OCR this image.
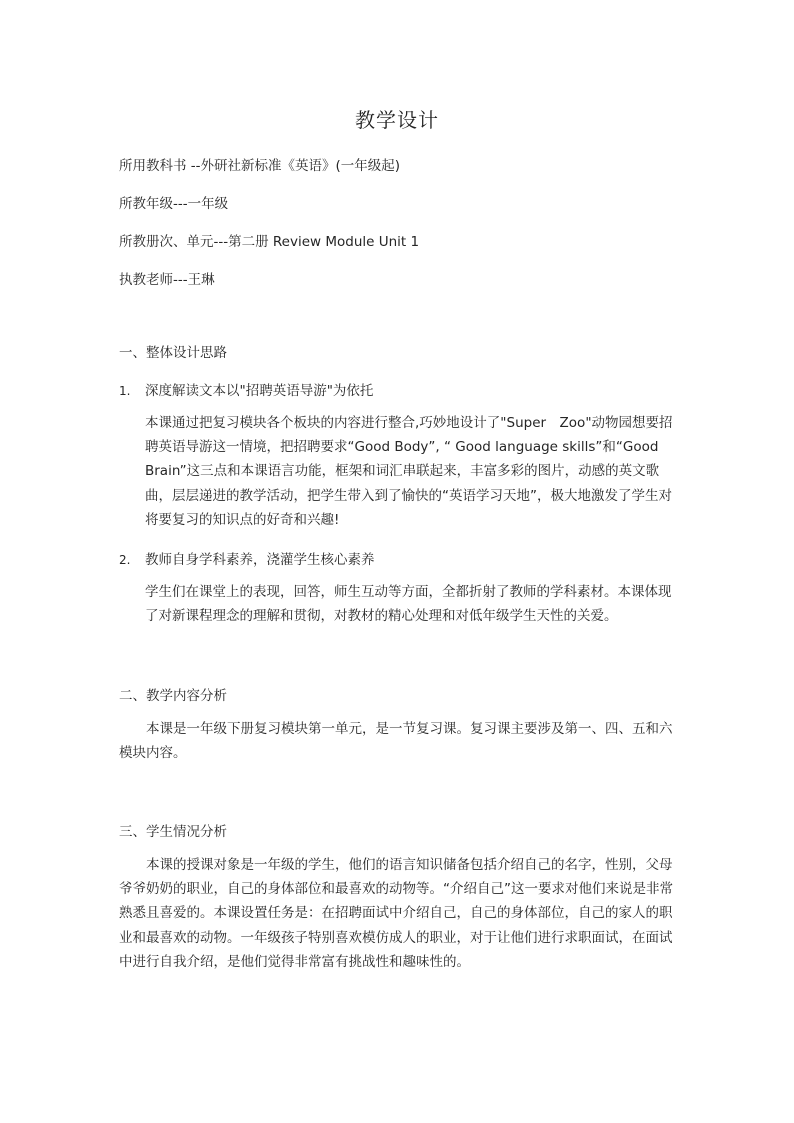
教学设计
所用教科书 --外研社新标准《英语》(一年级起)
所教年级---一年级
所教册次、单元---第二册 Review Module Unit 1
执教老师---王琳
一、整体设计思路
1. 深度解读文本以"招聘英语导游"为依托

本课通过把复习模块各个板块的内容进行整合,巧妙地设计了"Super　Zoo"动物园想要招聘英语导游这一情境，把招聘要求“Good Body”, “ Good language skills”和“Good Brain”这三点和本课语言功能，框架和词汇串联起来，丰富多彩的图片，动感的英文歌曲，层层递进的教学活动，把学生带入到了愉快的“英语学习天地”，极大地激发了学生对将要复习的知识点的好奇和兴趣!

2. 教师自身学科素养，浇灌学生核心素养

学生们在课堂上的表现，回答，师生互动等方面，全都折射了教师的学科素材。本课体现了对新课程理念的理解和贯彻，对教材的精心处理和对低年级学生天性的关爱。

二、教学内容分析

本课是一年级下册复习模块第一单元，是一节复习课。复习课主要涉及第一、四、五和六模块内容。

三、学生情况分析

本课的授课对象是一年级的学生，他们的语言知识储备包括介绍自己的名字，性别，父母爷爷奶奶的职业，自己的身体部位和最喜欢的动物等。“介绍自己”这一要求对他们来说是非常熟悉且喜爱的。本课设置任务是：在招聘面试中介绍自己，自己的身体部位，自己的家人的职业和最喜欢的动物。一年级孩子特别喜欢模仿成人的职业，对于让他们进行求职面试，在面试中进行自我介绍，是他们觉得非常富有挑战性和趣味性的。
